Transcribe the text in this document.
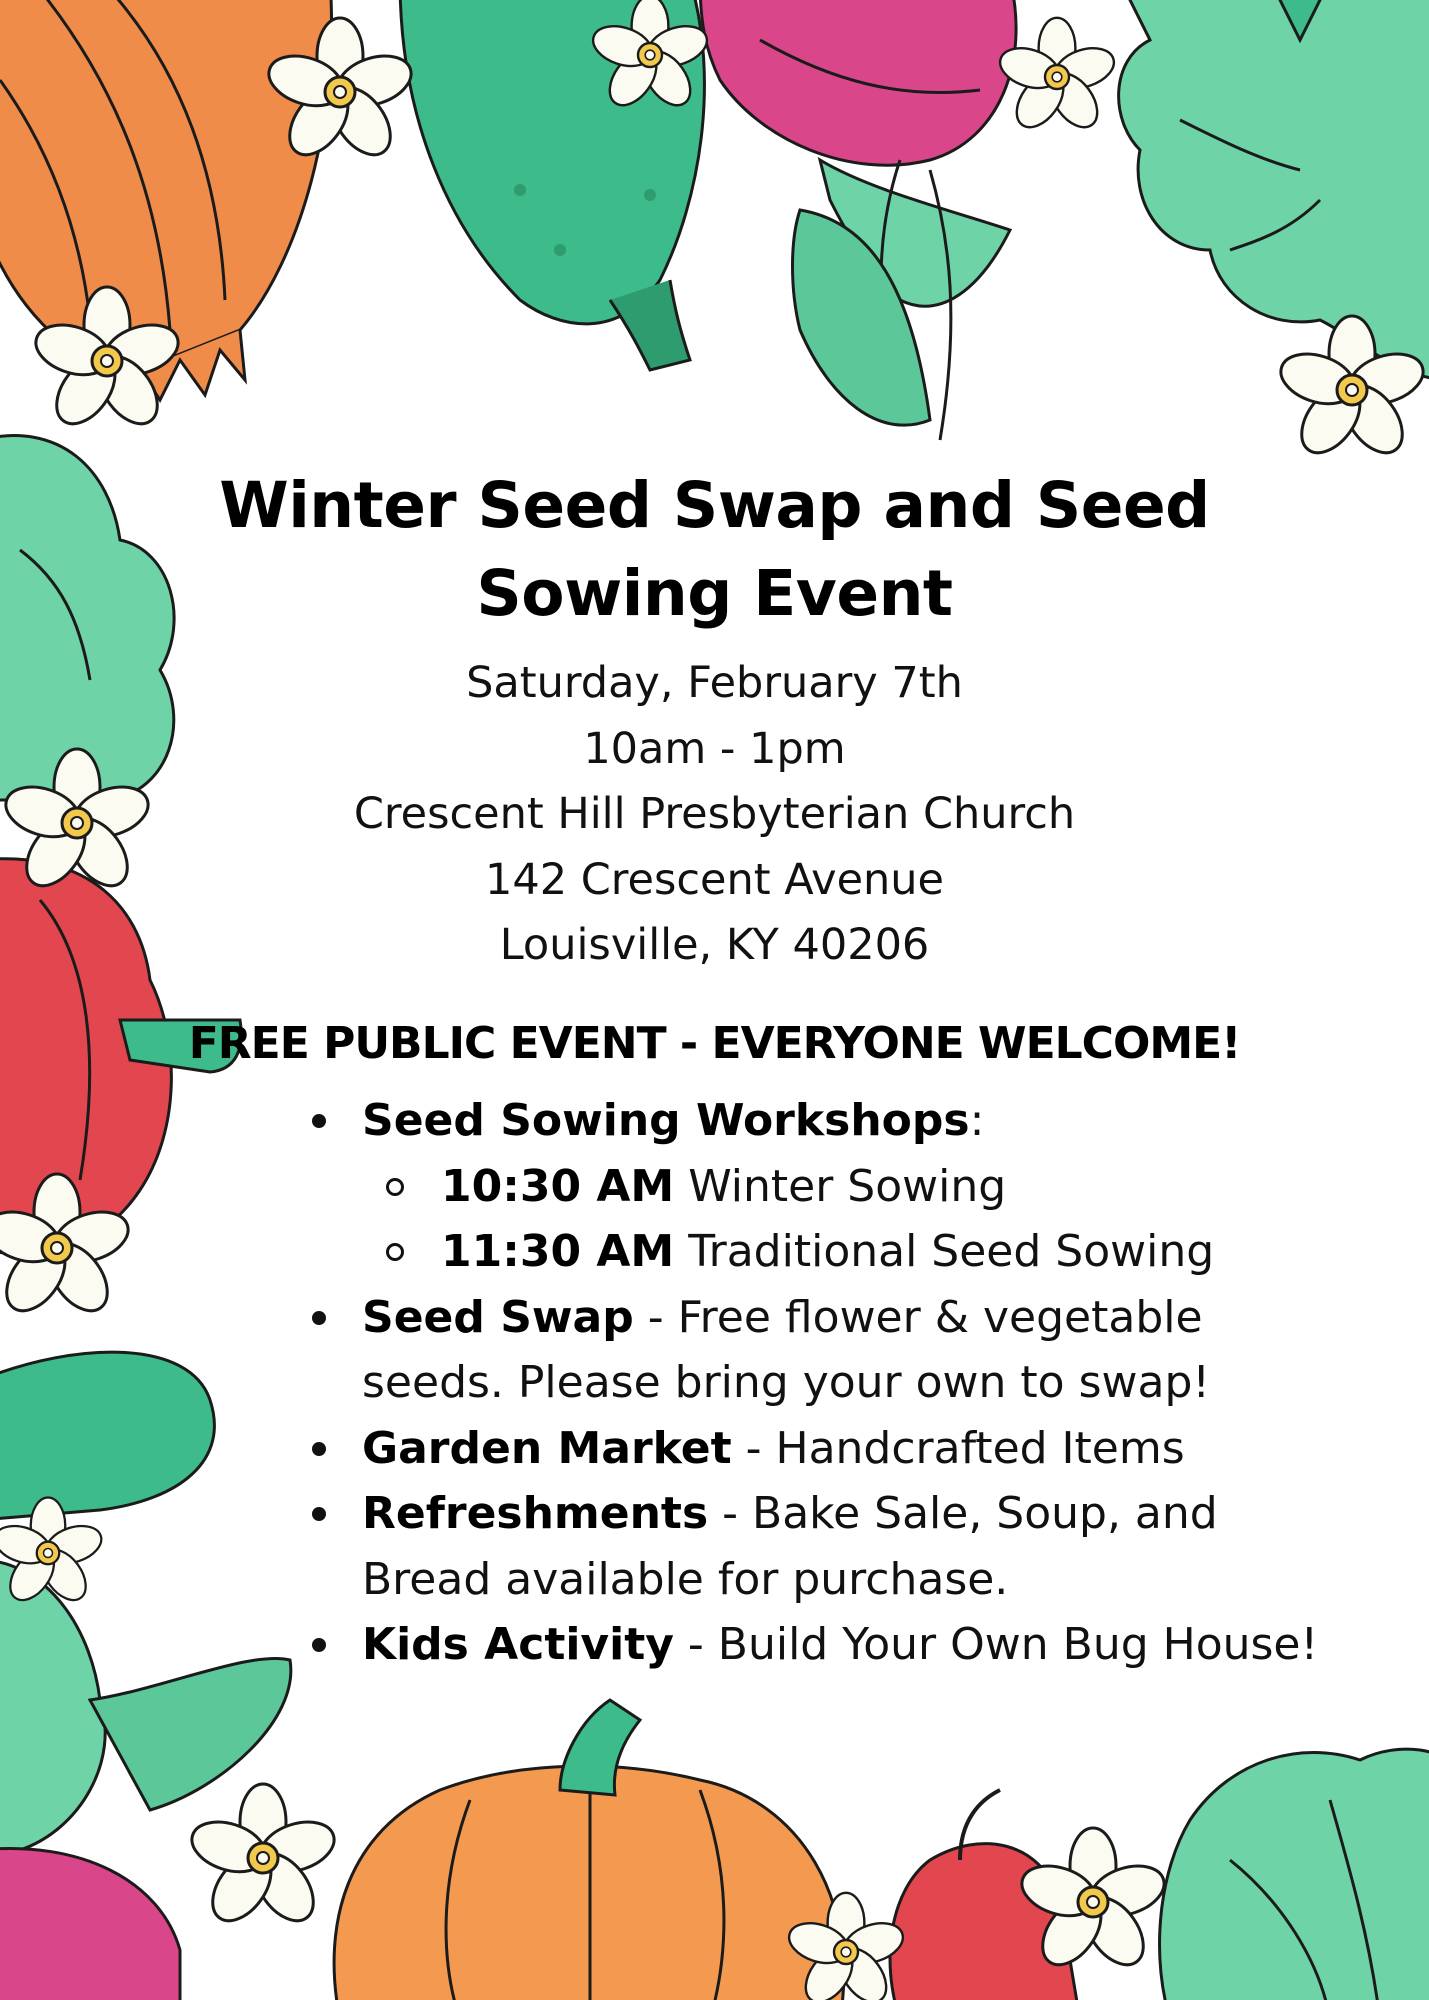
Winter Seed Swap and Seed
Sowing Event
Saturday, February 7th
10am - 1pm
Crescent Hill Presbyterian Church
142 Crescent Avenue
Louisville, KY 40206
FREE PUBLIC EVENT - EVERYONE WELCOME!
Seed Sowing Workshops:
10:30 AM Winter Sowing
11:30 AM Traditional Seed Sowing
Seed Swap - Free flower & vegetable
seeds. Please bring your own to swap!
Garden Market - Handcrafted Items
Refreshments - Bake Sale, Soup, and
Bread available for purchase.
Kids Activity - Build Your Own Bug House!
